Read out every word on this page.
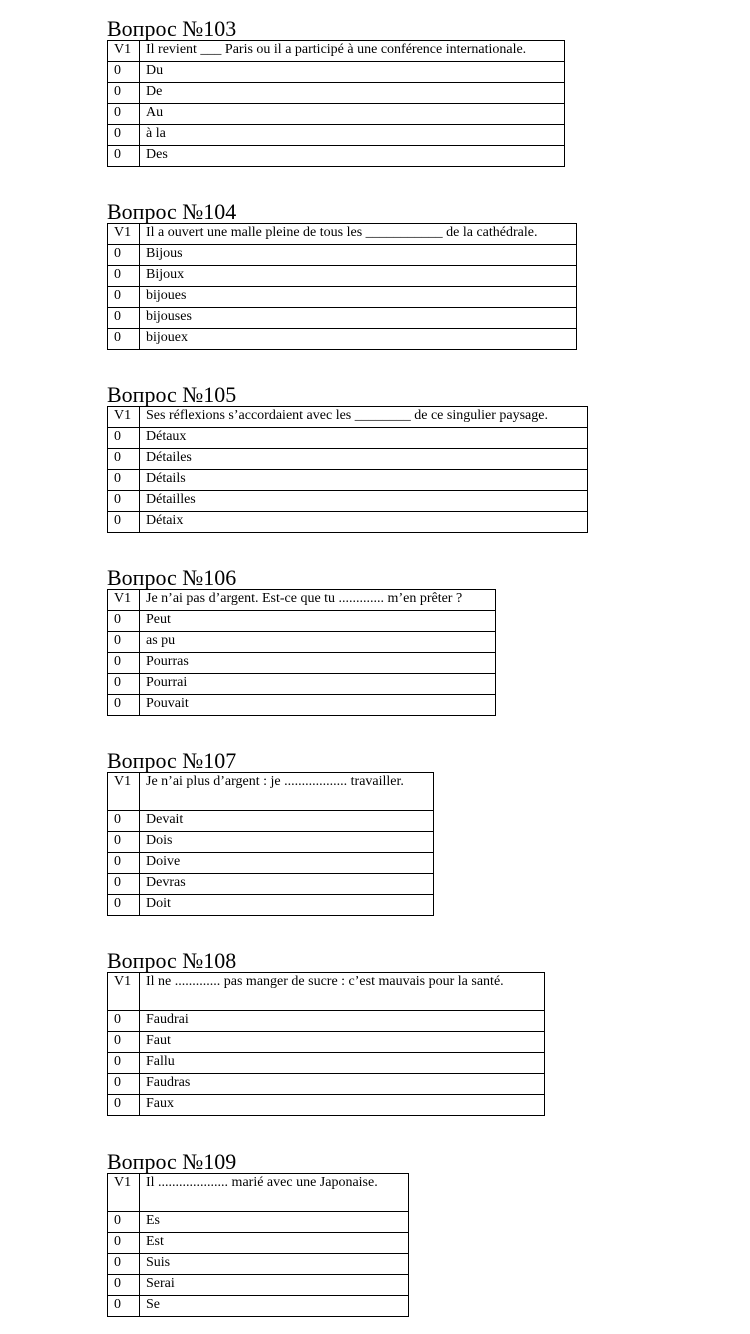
Вопрос №103
V1	Il revient ___ Paris ou il a participé à une conférence internationale.
0	Du
0	De
0	Au
0	à la
0	Des
Вопрос №104
V1	Il a ouvert une malle pleine de tous les ___________ de la cathédrale.
0	Bijous
0	Bijoux
0	bijoues
0	bijouses
0	bijouex
Вопрос №105
V1	Ses réflexions s’accordaient avec les ________ de ce singulier paysage.
0	Détaux
0	Détailes
0	Détails
0	Détailles
0	Détaix
Вопрос №106
V1	Je n’ai pas d’argent. Est-ce que tu ............. m’en prêter ?
0	Peut
0	as pu
0	Pourras
0	Pourrai
0	Pouvait
Вопрос №107
V1	Je n’ai plus d’argent : je .................. travailler.
0	Devait
0	Dois
0	Doive
0	Devras
0	Doit
Вопрос №108
V1	Il ne ............. pas manger de sucre : c’est mauvais pour la santé.
0	Faudrai
0	Faut
0	Fallu
0	Faudras
0	Faux
Вопрос №109
V1	Il .................... marié avec une Japonaise.
0	Es
0	Est
0	Suis
0	Serai
0	Se
